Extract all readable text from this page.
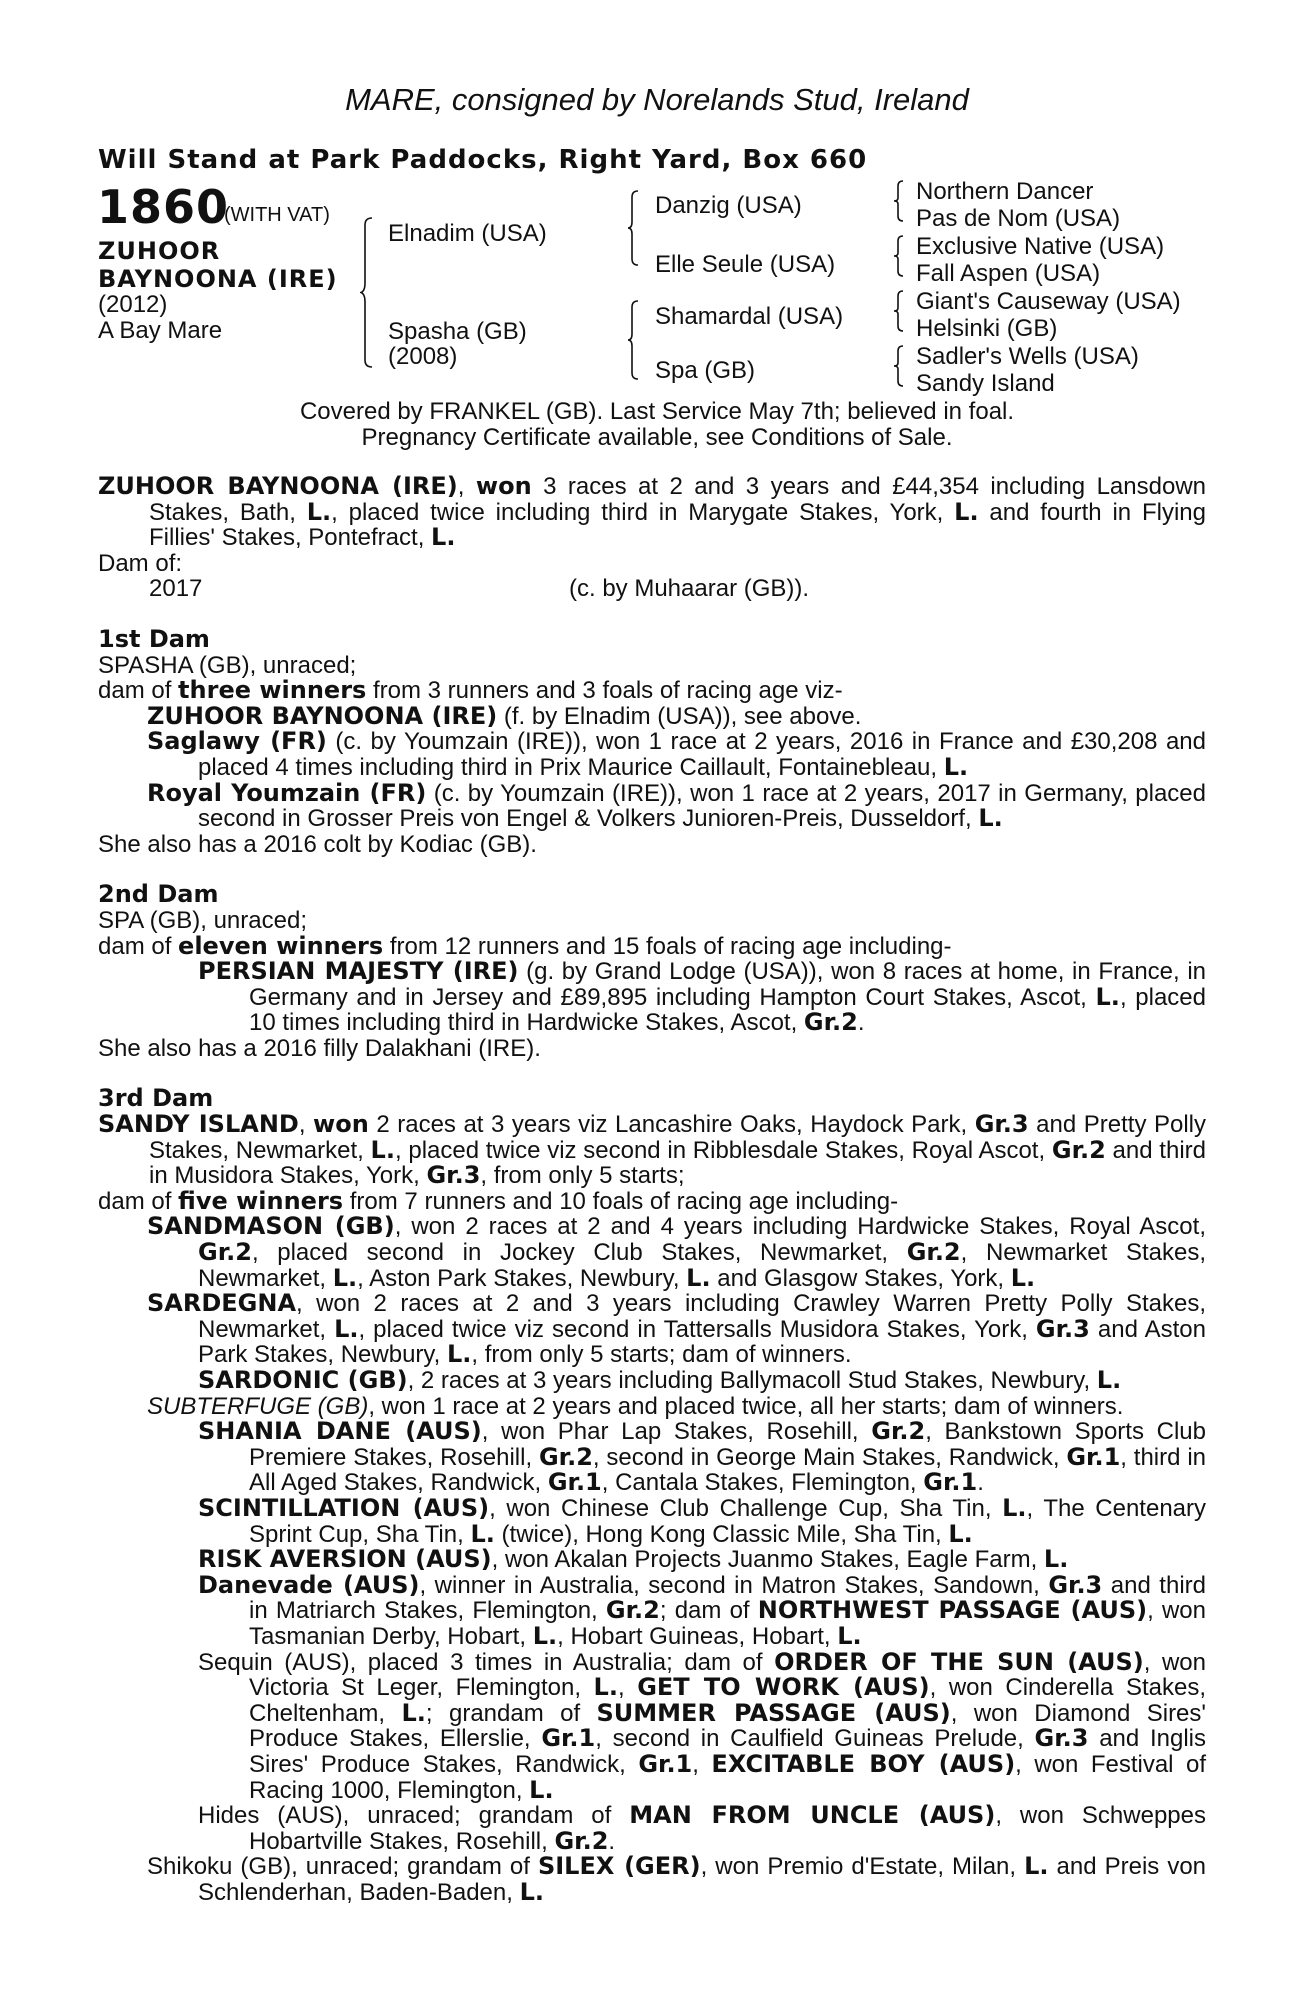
MARE, consigned by Norelands Stud, Ireland
Will Stand at Park Paddocks, Right Yard, Box 660
1860
(WITH VAT)
ZUHOOR
BAYNOONA (IRE)
(2012)
A Bay Mare
Elnadim (USA)
Spasha (GB)
(2008)
Danzig (USA)
Elle Seule (USA)
Shamardal (USA)
Spa (GB)
Northern Dancer
Pas de Nom (USA)
Exclusive Native (USA)
Fall Aspen (USA)
Giant's Causeway (USA)
Helsinki (GB)
Sadler's Wells (USA)
Sandy Island
Covered by FRANKEL (GB). Last Service May 7th; believed in foal.
Pregnancy Certificate available, see Conditions of Sale.

ZUHOOR BAYNOONA (IRE), won 3 races at 2 and 3 years and £44,354 including Lansdown Stakes, Bath, L., placed twice including third in Marygate Stakes, York, L. and fourth in Flying Fillies' Stakes, Pontefract, L.

Dam of:

2017	(c. by Muhaarar (GB)).

1st Dam

SPASHA (GB), unraced;

dam of three winners from 3 runners and 3 foals of racing age viz-

ZUHOOR BAYNOONA (IRE) (f. by Elnadim (USA)), see above.

Saglawy (FR) (c. by Youmzain (IRE)), won 1 race at 2 years, 2016 in France and £30,208 and placed 4 times including third in Prix Maurice Caillault, Fontainebleau, L.

Royal Youmzain (FR) (c. by Youmzain (IRE)), won 1 race at 2 years, 2017 in Germany, placed second in Grosser Preis von Engel & Volkers Junioren-Preis, Dusseldorf, L.

She also has a 2016 colt by Kodiac (GB).

2nd Dam

SPA (GB), unraced;

dam of eleven winners from 12 runners and 15 foals of racing age including-

PERSIAN MAJESTY (IRE) (g. by Grand Lodge (USA)), won 8 races at home, in France, in Germany and in Jersey and £89,895 including Hampton Court Stakes, Ascot, L., placed 10 times including third in Hardwicke Stakes, Ascot, Gr.2.

She also has a 2016 filly Dalakhani (IRE).

3rd Dam

SANDY ISLAND, won 2 races at 3 years viz Lancashire Oaks, Haydock Park, Gr.3 and Pretty Polly Stakes, Newmarket, L., placed twice viz second in Ribblesdale Stakes, Royal Ascot, Gr.2 and third in Musidora Stakes, York, Gr.3, from only 5 starts;

dam of five winners from 7 runners and 10 foals of racing age including-

SANDMASON (GB), won 2 races at 2 and 4 years including Hardwicke Stakes, Royal Ascot, Gr.2, placed second in Jockey Club Stakes, Newmarket, Gr.2, Newmarket Stakes, Newmarket, L., Aston Park Stakes, Newbury, L. and Glasgow Stakes, York, L.

SARDEGNA, won 2 races at 2 and 3 years including Crawley Warren Pretty Polly Stakes, Newmarket, L., placed twice viz second in Tattersalls Musidora Stakes, York, Gr.3 and Aston Park Stakes, Newbury, L., from only 5 starts; dam of winners.

SARDONIC (GB), 2 races at 3 years including Ballymacoll Stud Stakes, Newbury, L.

SUBTERFUGE (GB), won 1 race at 2 years and placed twice, all her starts; dam of winners.

SHANIA DANE (AUS), won Phar Lap Stakes, Rosehill, Gr.2, Bankstown Sports Club Premiere Stakes, Rosehill, Gr.2, second in George Main Stakes, Randwick, Gr.1, third in All Aged Stakes, Randwick, Gr.1, Cantala Stakes, Flemington, Gr.1.

SCINTILLATION (AUS), won Chinese Club Challenge Cup, Sha Tin, L., The Centenary Sprint Cup, Sha Tin, L. (twice), Hong Kong Classic Mile, Sha Tin, L.

RISK AVERSION (AUS), won Akalan Projects Juanmo Stakes, Eagle Farm, L.

Danevade (AUS), winner in Australia, second in Matron Stakes, Sandown, Gr.3 and third in Matriarch Stakes, Flemington, Gr.2; dam of NORTHWEST PASSAGE (AUS), won Tasmanian Derby, Hobart, L., Hobart Guineas, Hobart, L.

Sequin (AUS), placed 3 times in Australia; dam of ORDER OF THE SUN (AUS), won Victoria St Leger, Flemington, L., GET TO WORK (AUS), won Cinderella Stakes, Cheltenham, L.; grandam of SUMMER PASSAGE (AUS), won Diamond Sires' Produce Stakes, Ellerslie, Gr.1, second in Caulfield Guineas Prelude, Gr.3 and Inglis Sires' Produce Stakes, Randwick, Gr.1, EXCITABLE BOY (AUS), won Festival of Racing 1000, Flemington, L.

Hides (AUS), unraced; grandam of MAN FROM UNCLE (AUS), won Schweppes Hobartville Stakes, Rosehill, Gr.2.

Shikoku (GB), unraced; grandam of SILEX (GER), won Premio d'Estate, Milan, L. and Preis von Schlenderhan, Baden-Baden, L.
